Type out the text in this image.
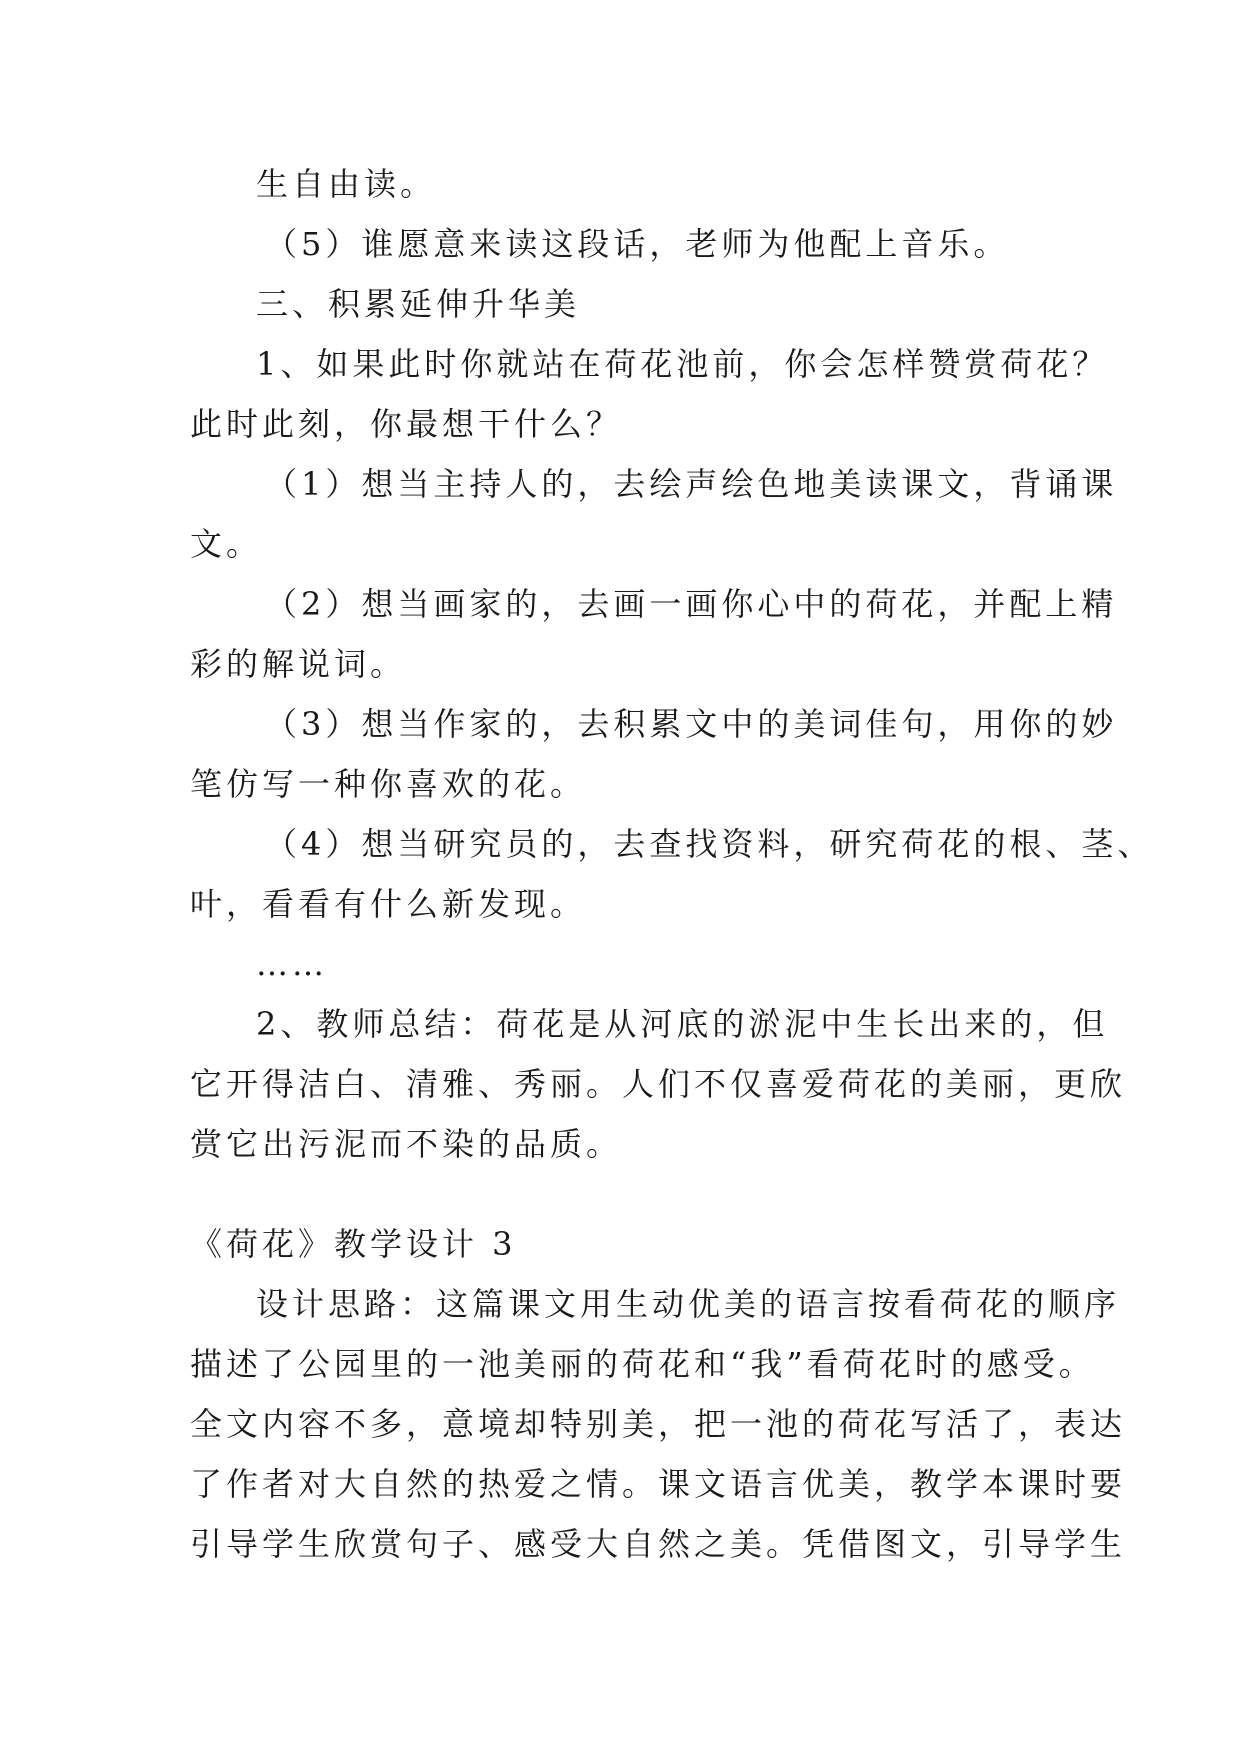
生自由读。
（5）谁愿意来读这段话，老师为他配上音乐。
三、积累延伸升华美
1、如果此时你就站在荷花池前，你会怎样赞赏荷花？
此时此刻，你最想干什么？
（1）想当主持人的，去绘声绘色地美读课文，背诵课
文。
（2）想当画家的，去画一画你心中的荷花，并配上精
彩的解说词。
（3）想当作家的，去积累文中的美词佳句，用你的妙
笔仿写一种你喜欢的花。
（4）想当研究员的，去查找资料，研究荷花的根、茎、
叶，看看有什么新发现。
……
2、教师总结：荷花是从河底的淤泥中生长出来的，但
它开得洁白、清雅、秀丽。人们不仅喜爱荷花的美丽，更欣
赏它出污泥而不染的品质。
《荷花》教学设计 3
设计思路：这篇课文用生动优美的语言按看荷花的顺序
描述了公园里的一池美丽的荷花和“我”看荷花时的感受。
全文内容不多，意境却特别美，把一池的荷花写活了，表达
了作者对大自然的热爱之情。课文语言优美，教学本课时要
引导学生欣赏句子、感受大自然之美。凭借图文，引导学生
